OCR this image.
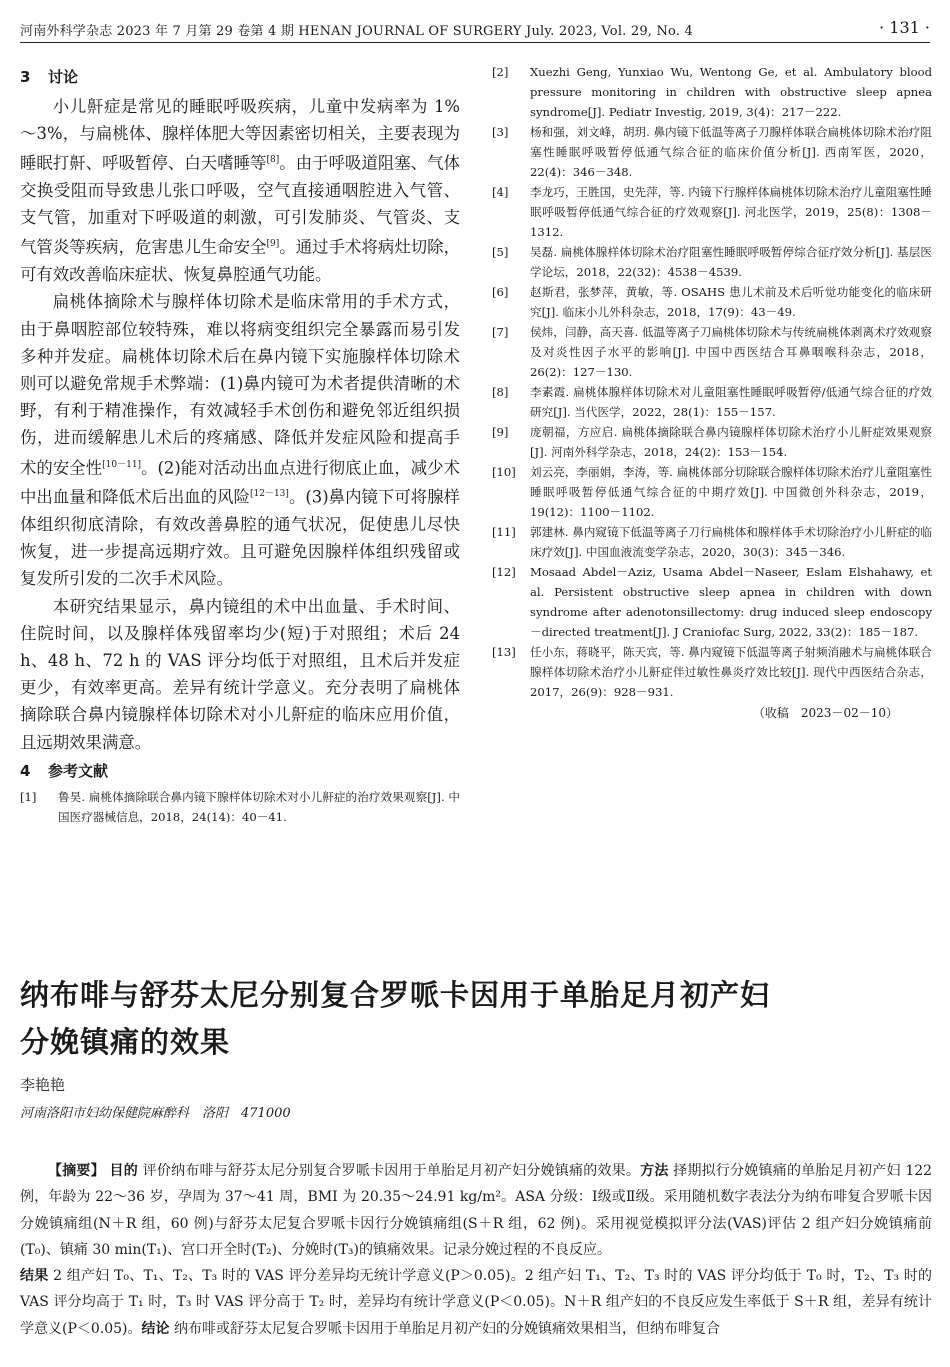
河南外科学杂志 2023 年 7 月第 29 卷第 4 期 HENAN JOURNAL OF SURGERY July. 2023, Vol. 29, No. 4	· 131 ·
3 讨论

小儿鼾症是常见的睡眠呼吸疾病，儿童中发病率为 1%～3%，与扁桃体、腺样体肥大等因素密切相关，主要表现为睡眠打鼾、呼吸暂停、白天嗜睡等[8]。由于呼吸道阻塞、气体交换受阻而导致患儿张口呼吸，空气直接通咽腔进入气管、支气管，加重对下呼吸道的刺激，可引发肺炎、气管炎、支气管炎等疾病，危害患儿生命安全[9]。通过手术将病灶切除，可有效改善临床症状、恢复鼻腔通气功能。

扁桃体摘除术与腺样体切除术是临床常用的手术方式，由于鼻咽腔部位较特殊，难以将病变组织完全暴露而易引发多种并发症。扁桃体切除术后在鼻内镜下实施腺样体切除术则可以避免常规手术弊端：(1)鼻内镜可为术者提供清晰的术野，有利于精准操作，有效减轻手术创伤和避免邻近组织损伤，进而缓解患儿术后的疼痛感、降低并发症风险和提高手术的安全性[10－11]。(2)能对活动出血点进行彻底止血，减少术中出血量和降低术后出血的风险[12－13]。(3)鼻内镜下可将腺样体组织彻底清除，有效改善鼻腔的通气状况，促使患儿尽快恢复，进一步提高远期疗效。且可避免因腺样体组织残留或复发所引发的二次手术风险。

本研究结果显示，鼻内镜组的术中出血量、手术时间、住院时间，以及腺样体残留率均少(短)于对照组；术后 24 h、48 h、72 h 的 VAS 评分均低于对照组，且术后并发症更少，有效率更高。差异有统计学意义。充分表明了扁桃体摘除联合鼻内镜腺样体切除术对小儿鼾症的临床应用价值，且远期效果满意。

4 参考文献

[1] 鲁昊. 扁桃体摘除联合鼻内镜下腺样体切除术对小儿鼾症的治疗效果观察[J]. 中国医疗器械信息，2018，24(14)：40－41.

[2] Xuezhi Geng, Yunxiao Wu, Wentong Ge, et al. Ambulatory blood pressure monitoring in children with obstructive sleep apnea syndrome[J]. Pediatr Investig, 2019, 3(4)：217－222.

[3] 杨和强，刘文峰，胡玥. 鼻内镜下低温等离子刀腺样体联合扁桃体切除术治疗阻塞性睡眠呼吸暂停低通气综合征的临床价值分析[J]. 西南军医，2020，22(4)：346－348.

[4] 李龙巧，王胜国，史先萍，等. 内镜下行腺样体扁桃体切除术治疗儿童阻塞性睡眠呼吸暂停低通气综合征的疗效观察[J]. 河北医学，2019，25(8)：1308－1312.

[5] 吴磊. 扁桃体腺样体切除术治疗阻塞性睡眠呼吸暂停综合征疗效分析[J]. 基层医学论坛，2018，22(32)：4538－4539.

[6] 赵斯君，张梦萍，黄敏，等. OSAHS 患儿术前及术后听觉功能变化的临床研究[J]. 临床小儿外科杂志，2018，17(9)：43－49.

[7] 侯炜，闫静，高天喜. 低温等离子刀扁桃体切除术与传统扁桃体剥离术疗效观察及对炎性因子水平的影响[J]. 中国中西医结合耳鼻咽喉科杂志，2018，26(2)：127－130.

[8] 李素霞. 扁桃体腺样体切除术对儿童阻塞性睡眠呼吸暂停/低通气综合征的疗效研究[J]. 当代医学，2022，28(1)：155－157.

[9] 庞朝福，方应启. 扁桃体摘除联合鼻内镜腺样体切除术治疗小儿鼾症效果观察[J]. 河南外科学杂志，2018，24(2)：153－154.

[10] 刘云亮，李丽娟，李涛，等. 扁桃体部分切除联合腺样体切除术治疗儿童阻塞性睡眠呼吸暂停低通气综合征的中期疗效[J]. 中国微创外科杂志，2019，19(12)：1100－1102.

[11] 郭建林. 鼻内窥镜下低温等离子刀行扁桃体和腺样体手术切除治疗小儿鼾症的临床疗效[J]. 中国血液流变学杂志，2020，30(3)：345－346.

[12] Mosaad Abdel－Aziz, Usama Abdel－Naseer, Eslam Elshahawy, et al. Persistent obstructive sleep apnea in children with down syndrome after adenotonsillectomy: drug induced sleep endoscopy－directed treatment[J]. J Craniofac Surg, 2022, 33(2)：185－187.

[13] 任小东，蒋晓平，陈天宾，等. 鼻内窥镜下低温等离子射频消融术与扁桃体联合腺样体切除术治疗小儿鼾症伴过敏性鼻炎疗效比较[J]. 现代中西医结合杂志，2017，26(9)：928－931.

（收稿　2023－02－10）
纳布啡与舒芬太尼分别复合罗哌卡因用于单胎足月初产妇
分娩镇痛的效果
李艳艳
河南洛阳市妇幼保健院麻醉科　洛阳　471000
【摘要】 目的 评价纳布啡与舒芬太尼分别复合罗哌卡因用于单胎足月初产妇分娩镇痛的效果。方法 择期拟行分娩镇痛的单胎足月初产妇 122 例，年龄为 22～36 岁，孕周为 37～41 周，BMI 为 20.35～24.91 kg/m²。ASA 分级：Ⅰ级或Ⅱ级。采用随机数字表法分为纳布啡复合罗哌卡因分娩镇痛组(N＋R 组，60 例)与舒芬太尼复合罗哌卡因行分娩镇痛组(S＋R 组，62 例)。采用视觉模拟评分法(VAS)评估 2 组产妇分娩镇痛前(T₀)、镇痛 30 min(T₁)、宫口开全时(T₂)、分娩时(T₃)的镇痛效果。记录分娩过程的不良反应。
结果 2 组产妇 T₀、T₁、T₂、T₃ 时的 VAS 评分差异均无统计学意义(P＞0.05)。2 组产妇 T₁、T₂、T₃ 时的 VAS 评分均低于 T₀ 时，T₂、T₃ 时的 VAS 评分均高于 T₁ 时，T₃ 时 VAS 评分高于 T₂ 时，差异均有统计学意义(P＜0.05)。N＋R 组产妇的不良反应发生率低于 S＋R 组，差异有统计学意义(P＜0.05)。结论 纳布啡或舒芬太尼复合罗哌卡因用于单胎足月初产妇的分娩镇痛效果相当，但纳布啡复合
